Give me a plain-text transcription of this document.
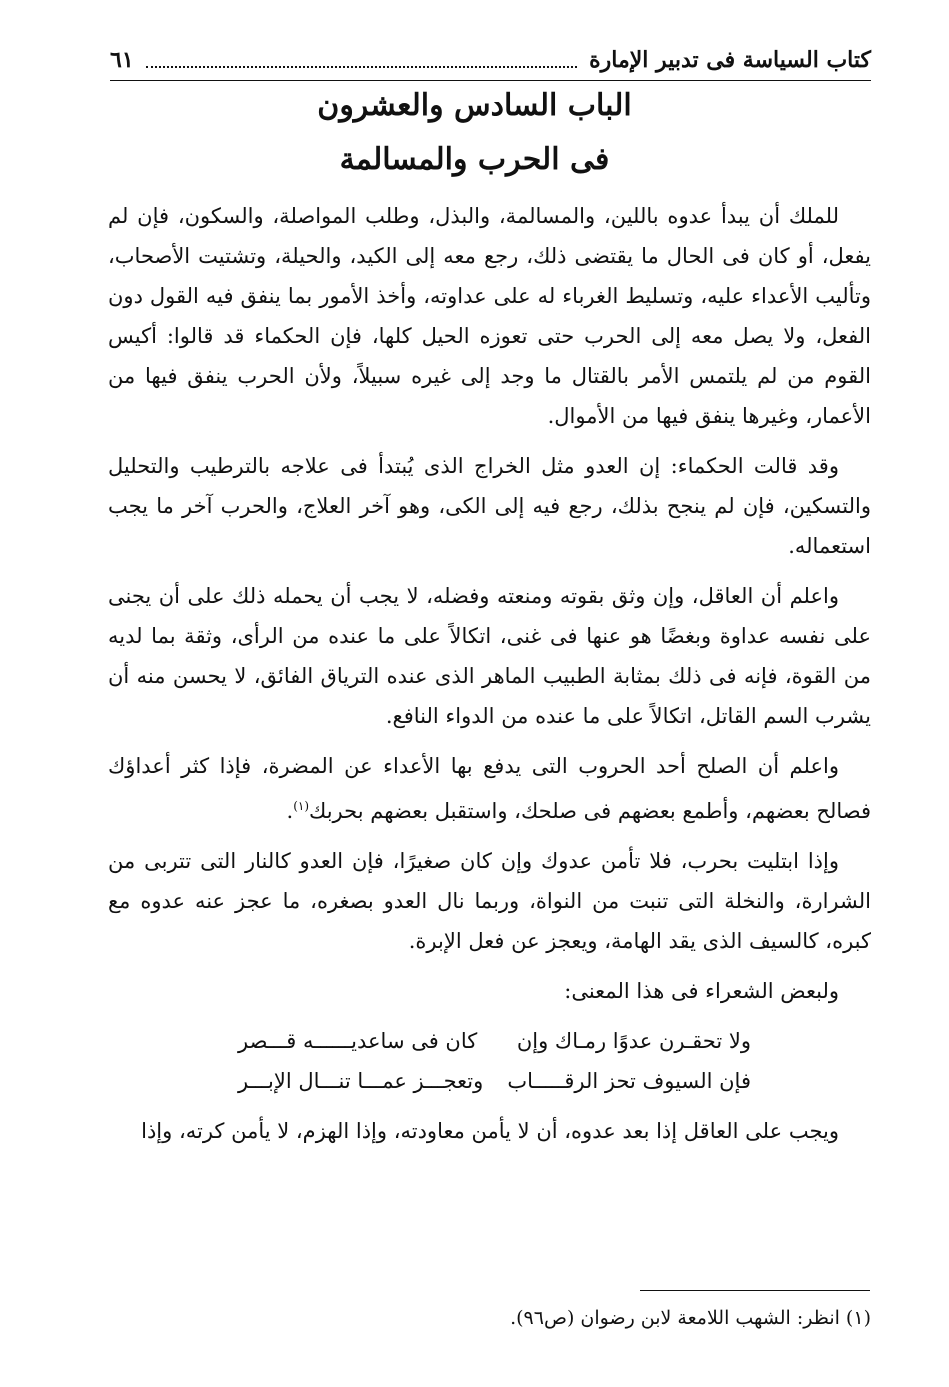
كتاب السياسة فى تدبير الإمارة
٦١
الباب السادس والعشرون
فى الحرب والمسالمة

للملك أن يبدأ عدوه باللين، والمسالمة، والبذل، وطلب المواصلة، والسكون، فإن لم يفعل، أو كان فى الحال ما يقتضى ذلك، رجع معه إلى الكيد، والحيلة، وتشتيت الأصحاب، وتأليب الأعداء عليه، وتسليط الغرباء له على عداوته، وأخذ الأمور بما ينفق فيه القول دون الفعل، ولا يصل معه إلى الحرب حتى تعوزه الحيل كلها، فإن الحكماء قد قالوا: أكيس القوم من لم يلتمس الأمر بالقتال ما وجد إلى غيره سبيلاً، ولأن الحرب ينفق فيها من الأعمار، وغيرها ينفق فيها من الأموال.

وقد قالت الحكماء: إن العدو مثل الخراج الذى يُبتدأ فى علاجه بالترطيب والتحليل والتسكين، فإن لم ينجح بذلك، رجع فيه إلى الكى، وهو آخر العلاج، والحرب آخر ما يجب استعماله.

واعلم أن العاقل، وإن وثق بقوته ومنعته وفضله، لا يجب أن يحمله ذلك على أن يجنى على نفسه عداوة وبغضًا هو عنها فى غنى، اتكالاً على ما عنده من الرأى، وثقة بما لديه من القوة، فإنه فى ذلك بمثابة الطبيب الماهر الذى عنده الترياق الفائق، لا يحسن منه أن يشرب السم القاتل، اتكالاً على ما عنده من الدواء النافع.

واعلم أن الصلح أحد الحروب التى يدفع بها الأعداء عن المضرة، فإذا كثر أعداؤك فصالح بعضهم، وأطمع بعضهم فى صلحك، واستقبل بعضهم بحربك$^{(١)}$.

وإذا ابتليت بحرب، فلا تأمن عدوك وإن كان صغيرًا، فإن العدو كالنار التى تتربى من الشرارة، والنخلة التى تنبت من النواة، وربما نال العدو بصغره، ما عجز عنه عدوه مع كبره، كالسيف الذى يقد الهامة، ويعجز عن فعل الإبرة.

ولبعض الشعراء فى هذا المعنى:

ولا تحقـرن عدوًا رمـاك وإن
كان فى ساعديــــــه قـــصر
فإن السيوف تحز الرقـــــاب
وتعجـــز عمـــا تنـــال الإبـــر

ويجب على العاقل إذا بعد عدوه، أن لا يأمن معاودته، وإذا الهزم، لا يأمن كرته، وإذا

(١) انظر: الشهب اللامعة لابن رضوان (ص٩٦).
